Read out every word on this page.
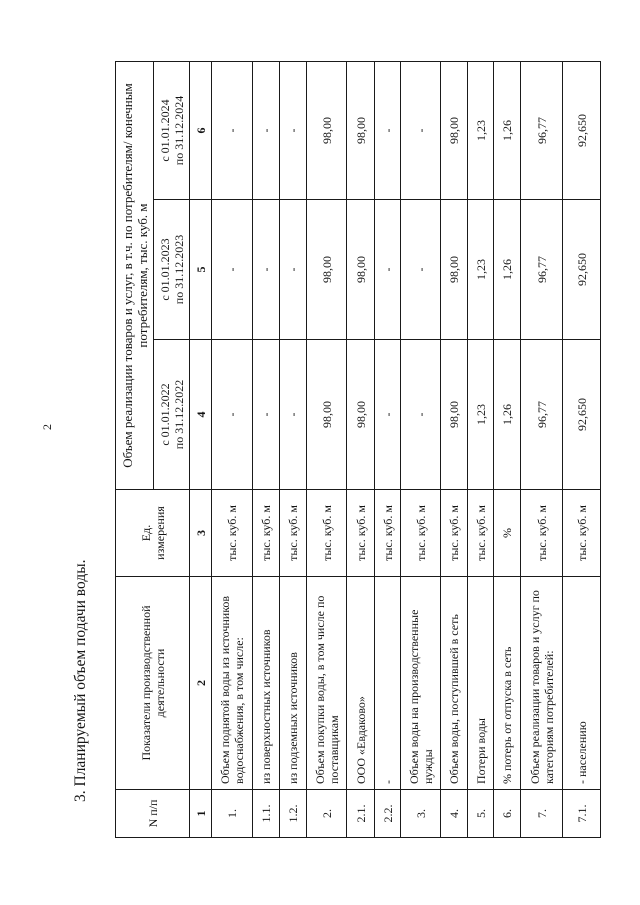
2
3. Планируемый объем подачи воды.
N п/п	Показатели производственной деятельности	Ед. измерения	Объем реализации товаров и услуг, в т.ч. по потребителям/ конечным потребителям, тыс. куб. м		

			с 01.01.2022 по 31.12.2022	с 01.01.2023 по 31.12.2023	с 01.01.2024 по 31.12.2024

1	2	3	4	5	6
1.	Объем поднятой воды из источников водоснабжения, в том числе:	тыс. куб. м	-	-	-
1.1.	из поверхностных источников	тыс. куб. м	-	-	-
1.2.	из подземных источников	тыс. куб. м	-	-	-
2.	Объем покупки воды, в том числе по поставщикам	тыс. куб. м	98,00	98,00	98,00
2.1.	ООО «Евдаково»	тыс. куб. м	98,00	98,00	98,00
2.2.	-	тыс. куб. м	-	-	-
3.	Объем воды на производственные нужды	тыс. куб. м	-	-	-
4.	Объем воды, поступившей в сеть	тыс. куб. м	98,00	98,00	98,00
5.	Потери воды	тыс. куб. м	1,23	1,23	1,23
6.	% потерь от отпуска в сеть	%	1,26	1,26	1,26
7.	Объем реализации товаров и услуг по категориям потребителей:	тыс. куб. м	96,77	96,77	96,77
7.1.	- населению	тыс. куб. м	92,650	92,650	92,650
